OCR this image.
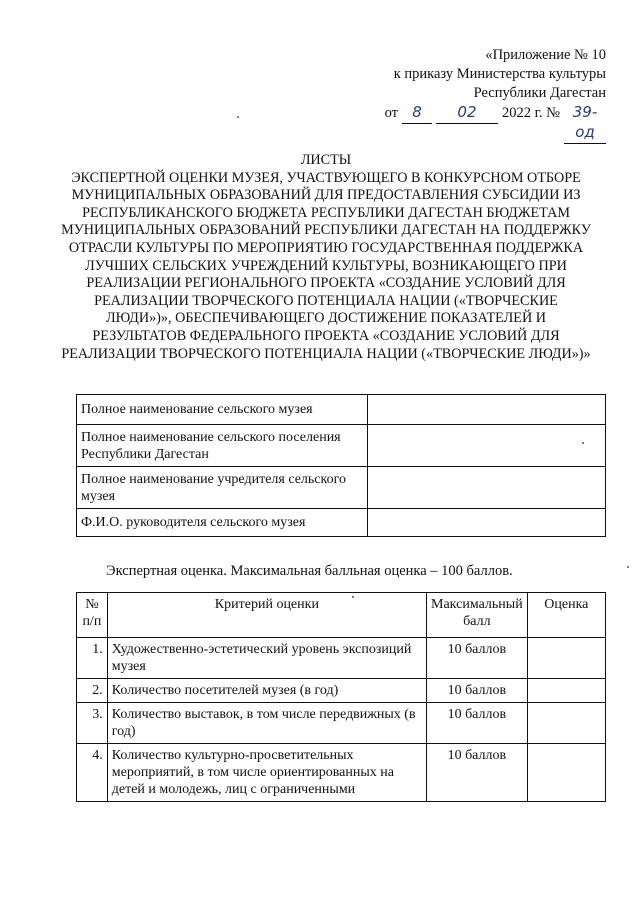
«Приложение № 10
к приказу Министерства культуры
Республики Дагестан
от 8	02	2022 г. № 39-од
ЛИСТЫ
ЭКСПЕРТНОЙ ОЦЕНКИ МУЗЕЯ, УЧАСТВУЮЩЕГО В КОНКУРСНОМ ОТБОРЕ МУНИЦИПАЛЬНЫХ ОБРАЗОВАНИЙ ДЛЯ ПРЕДОСТАВЛЕНИЯ СУБСИДИИ ИЗ РЕСПУБЛИКАНСКОГО БЮДЖЕТА РЕСПУБЛИКИ ДАГЕСТАН БЮДЖЕТАМ МУНИЦИПАЛЬНЫХ ОБРАЗОВАНИЙ РЕСПУБЛИКИ ДАГЕСТАН НА ПОДДЕРЖКУ ОТРАСЛИ КУЛЬТУРЫ ПО МЕРОПРИЯТИЮ ГОСУДАРСТВЕННАЯ ПОДДЕРЖКА ЛУЧШИХ СЕЛЬСКИХ УЧРЕЖДЕНИЙ КУЛЬТУРЫ, ВОЗНИКАЮЩЕГО ПРИ РЕАЛИЗАЦИИ РЕГИОНАЛЬНОГО ПРОЕКТА «СОЗДАНИЕ УСЛОВИЙ ДЛЯ РЕАЛИЗАЦИИ ТВОРЧЕСКОГО ПОТЕНЦИАЛА НАЦИИ («ТВОРЧЕСКИЕ ЛЮДИ»)», ОБЕСПЕЧИВАЮЩЕГО ДОСТИЖЕНИЕ ПОКАЗАТЕЛЕЙ И РЕЗУЛЬТАТОВ ФЕДЕРАЛЬНОГО ПРОЕКТА «СОЗДАНИЕ УСЛОВИЙ ДЛЯ РЕАЛИЗАЦИИ ТВОРЧЕСКОГО ПОТЕНЦИАЛА НАЦИИ («ТВОРЧЕСКИЕ ЛЮДИ»)»
Полное наименование сельского музея	
Полное наименование сельского поселения Республики Дагестан	
Полное наименование учредителя сельского музея	
Ф.И.О. руководителя сельского музея	
Экспертная оценка. Максимальная балльная оценка – 100 баллов.
№ п/п	Критерий оценки	Максимальный балл	Оценка
1.	Художественно-эстетический уровень экспозиций музея	10 баллов	
2.	Количество посетителей музея (в год)	10 баллов	
3.	Количество выставок, в том числе передвижных (в год)	10 баллов	
4.	Количество культурно-просветительных мероприятий, в том числе ориентированных на детей и молодежь, лиц с ограниченными	10 баллов	
